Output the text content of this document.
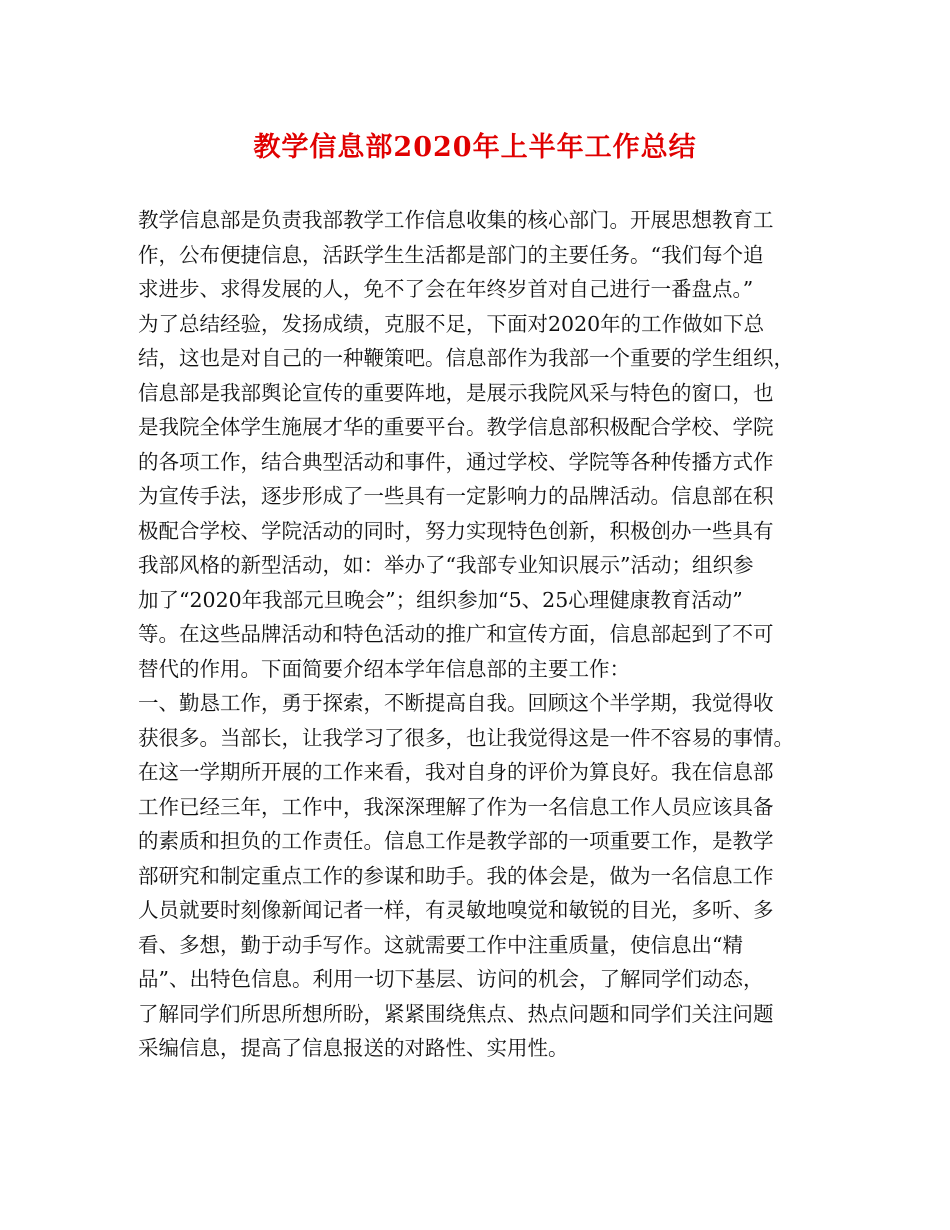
教学信息部2020年上半年工作总结
教学信息部是负责我部教学工作信息收集的核心部门。开展思想教育工
作，公布便捷信息，活跃学生生活都是部门的主要任务。“我们每个追
求进步、求得发展的人，免不了会在年终岁首对自己进行一番盘点。”
为了总结经验，发扬成绩，克服不足，下面对2020年的工作做如下总
结，这也是对自己的一种鞭策吧。信息部作为我部一个重要的学生组织，
信息部是我部舆论宣传的重要阵地，是展示我院风采与特色的窗口，也
是我院全体学生施展才华的重要平台。教学信息部积极配合学校、学院
的各项工作，结合典型活动和事件，通过学校、学院等各种传播方式作
为宣传手法，逐步形成了一些具有一定影响力的品牌活动。信息部在积
极配合学校、学院活动的同时，努力实现特色创新，积极创办一些具有
我部风格的新型活动，如：举办了“我部专业知识展示”活动；组织参
加了“2020年我部元旦晚会”；组织参加“5、25心理健康教育活动”
等。在这些品牌活动和特色活动的推广和宣传方面，信息部起到了不可
替代的作用。下面简要介绍本学年信息部的主要工作：
一、勤恳工作，勇于探索，不断提高自我。回顾这个半学期，我觉得收
获很多。当部长，让我学习了很多，也让我觉得这是一件不容易的事情。
在这一学期所开展的工作来看，我对自身的评价为算良好。我在信息部
工作已经三年，工作中，我深深理解了作为一名信息工作人员应该具备
的素质和担负的工作责任。信息工作是教学部的一项重要工作，是教学
部研究和制定重点工作的参谋和助手。我的体会是，做为一名信息工作
人员就要时刻像新闻记者一样，有灵敏地嗅觉和敏锐的目光，多听、多
看、多想，勤于动手写作。这就需要工作中注重质量，使信息出“精
品”、出特色信息。利用一切下基层、访问的机会，了解同学们动态，
了解同学们所思所想所盼，紧紧围绕焦点、热点问题和同学们关注问题
采编信息，提高了信息报送的对路性、实用性。
